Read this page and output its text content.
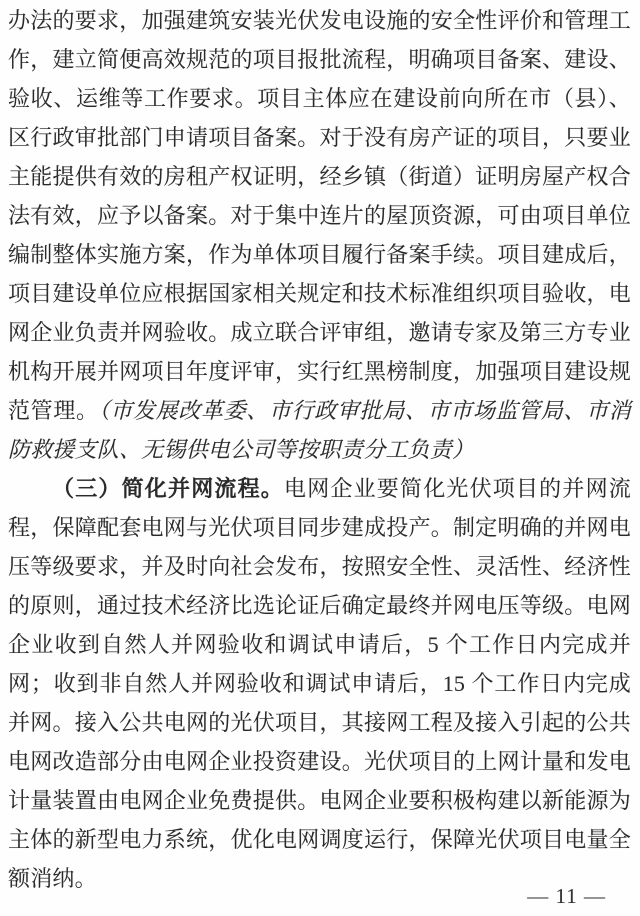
办法的要求，加强建筑安装光伏发电设施的安全性评价和管理工作，建立简便高效规范的项目报批流程，明确项目备案、建设、验收、运维等工作要求。项目主体应在建设前向所在市（县）、区行政审批部门申请项目备案。对于没有房产证的项目，只要业主能提供有效的房租产权证明，经乡镇（街道）证明房屋产权合法有效，应予以备案。对于集中连片的屋顶资源，可由项目单位编制整体实施方案，作为单体项目履行备案手续。项目建成后，项目建设单位应根据国家相关规定和技术标准组织项目验收，电网企业负责并网验收。成立联合评审组，邀请专家及第三方专业机构开展并网项目年度评审，实行红黑榜制度，加强项目建设规范管理。（市发展改革委、市行政审批局、市市场监管局、市消防救援支队、无锡供电公司等按职责分工负责）

（三）简化并网流程。电网企业要简化光伏项目的并网流程，保障配套电网与光伏项目同步建成投产。制定明确的并网电压等级要求，并及时向社会发布，按照安全性、灵活性、经济性的原则，通过技术经济比选论证后确定最终并网电压等级。电网企业收到自然人并网验收和调试申请后，5 个工作日内完成并网；收到非自然人并网验收和调试申请后，15 个工作日内完成并网。接入公共电网的光伏项目，其接网工程及接入引起的公共电网改造部分由电网企业投资建设。光伏项目的上网计量和发电计量装置由电网企业免费提供。电网企业要积极构建以新能源为主体的新型电力系统，优化电网调度运行，保障光伏项目电量全额消纳。

— 11 —
